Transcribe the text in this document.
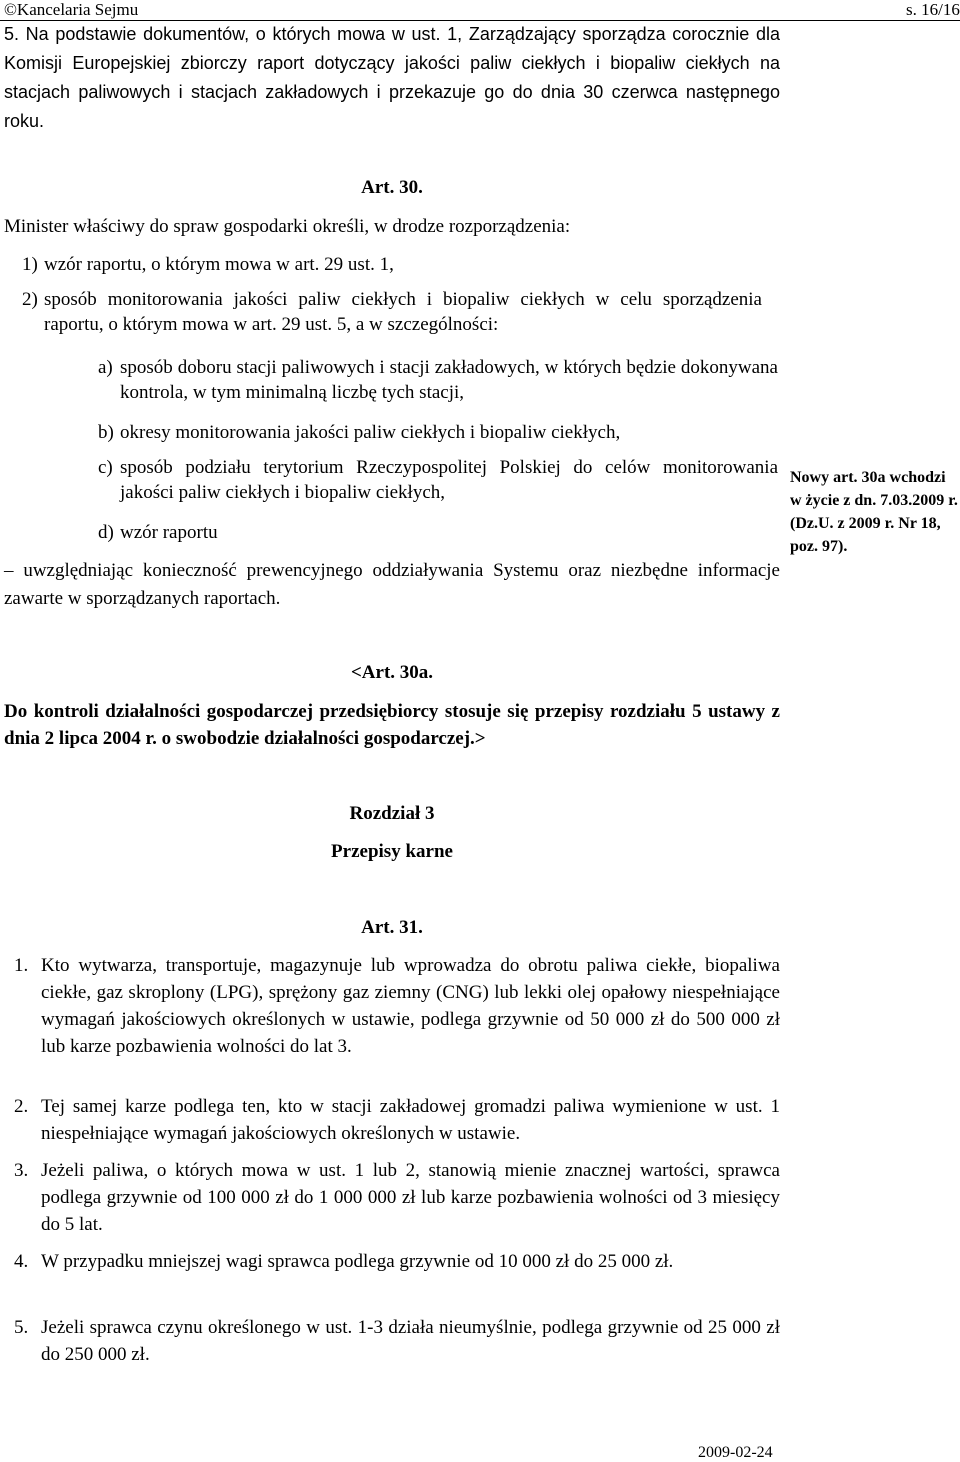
©Kancelaria Sejmu	s. 16/16
5. Na podstawie dokumentów, o których mowa w ust. 1, Zarządzający sporządza corocznie dla Komisji Europejskiej zbiorczy raport dotyczący jakości paliw ciekłych i biopaliw ciekłych na stacjach paliwowych i stacjach zakładowych i przekazuje go do dnia 30 czerwca następnego roku.
Art. 30.
Minister właściwy do spraw gospodarki określi, w drodze rozporządzenia:
1) wzór raportu, o którym mowa w art. 29 ust. 1,
2) sposób monitorowania jakości paliw ciekłych i biopaliw ciekłych w celu sporządzenia raportu, o którym mowa w art. 29 ust. 5, a w szczególności:
a) sposób doboru stacji paliwowych i stacji zakładowych, w których będzie dokonywana kontrola, w tym minimalną liczbę tych stacji,
b) okresy monitorowania jakości paliw ciekłych i biopaliw ciekłych,
c) sposób podziału terytorium Rzeczypospolitej Polskiej do celów monitorowania jakości paliw ciekłych i biopaliw ciekłych,
d) wzór raportu
– uwzględniając konieczność prewencyjnego oddziaływania Systemu oraz niezbędne informacje zawarte w sporządzanych raportach.
Nowy art. 30a wchodzi w życie z dn. 7.03.2009 r. (Dz.U. z 2009 r. Nr 18, poz. 97).
<Art. 30a.
Do kontroli działalności gospodarczej przedsiębiorcy stosuje się przepisy rozdziału 5 ustawy z dnia 2 lipca 2004 r. o swobodzie działalności gospodarczej.>
Rozdział 3
Przepisy karne
Art. 31.
1. Kto wytwarza, transportuje, magazynuje lub wprowadza do obrotu paliwa ciekłe, biopaliwa ciekłe, gaz skroplony (LPG), sprężony gaz ziemny (CNG) lub lekki olej opałowy niespełniające wymagań jakościowych określonych w ustawie, podlega grzywnie od 50 000 zł do 500 000 zł lub karze pozbawienia wolności do lat 3.
2. Tej samej karze podlega ten, kto w stacji zakładowej gromadzi paliwa wymienione w ust. 1 niespełniające wymagań jakościowych określonych w ustawie.
3. Jeżeli paliwa, o których mowa w ust. 1 lub 2, stanowią mienie znacznej wartości, sprawca podlega grzywnie od 100 000 zł do 1 000 000 zł lub karze pozbawienia wolności od 3 miesięcy do 5 lat.
4. W przypadku mniejszej wagi sprawca podlega grzywnie od 10 000 zł do 25 000 zł.
5. Jeżeli sprawca czynu określonego w ust. 1-3 działa nieumyślnie, podlega grzywnie od 25 000 zł do 250 000 zł.
2009-02-24
